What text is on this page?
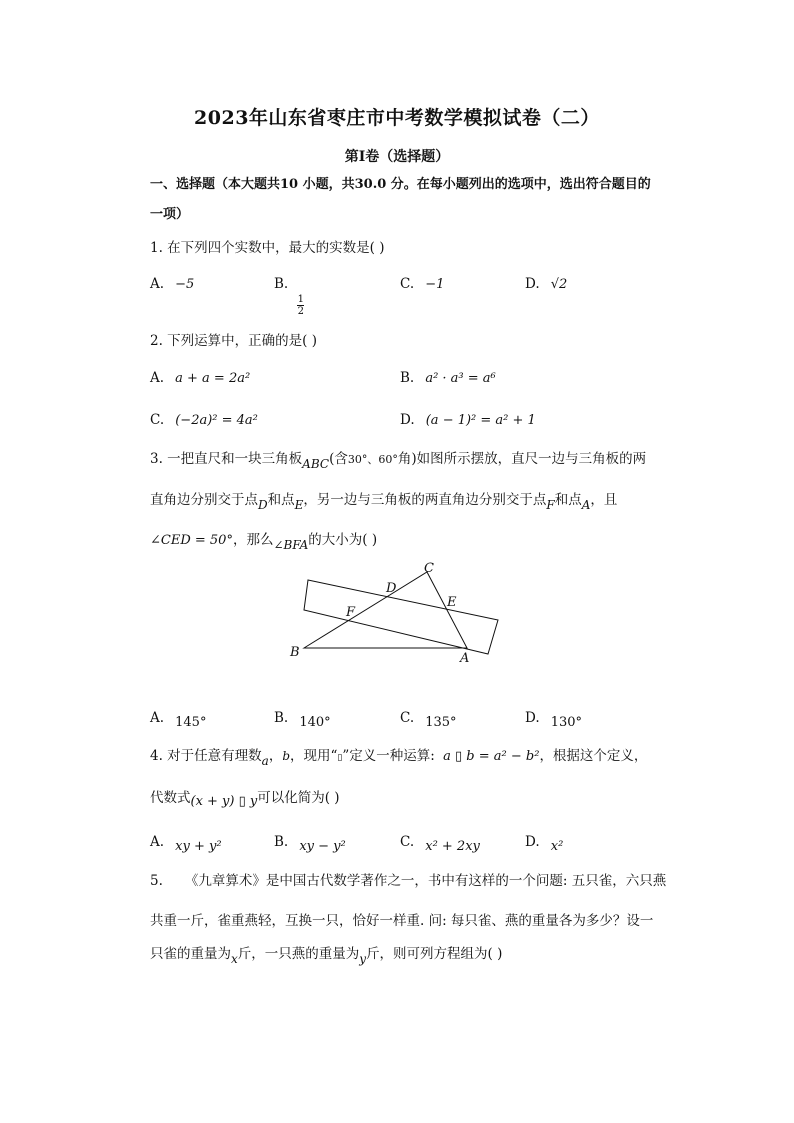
2023年山东省枣庄市中考数学模拟试卷（二）
第Ⅰ卷（选择题）
一、选择题（本大题共10 小题，共30.0 分。在每小题列出的选项中，选出符合题目的
一项）
1. 在下列四个实数中，最大的实数是( )
A. −5	B.
$\frac{1}{2}$
C. −1	D. √2
2. 下列运算中，正确的是( )
A. a + a = 2a²	B. a² · a³ = a⁶
C. (−2a)² = 4a²	D. (a − 1)² = a² + 1
3. 一把直尺和一块三角板ABC(含30°、60°角)如图所示摆放，直尺一边与三角板的两
直角边分别交于点D和点E，另一边与三角板的两直角边分别交于点F和点A，且
∠CED = 50°，那么∠BFA的大小为( )
C
D
E
F
B	A
A. $_{145^\circ}$	B. $_{140^\circ}$	C. $_{135^\circ}$	D. $_{130^\circ}$
4. 对于任意有理数a，b，现用“▯”定义一种运算: a ▯ b = a² − b²，根据这个定义，
代数式(x + y) ▯ y可以化简为( )
A. $_{xy + y^2}$	B. $_{xy - y^2}$	C. $_{x^2 + 2xy}$	D. $_{x^2}$
5. 《九章算术》是中国古代数学著作之一，书中有这样的一个问题: 五只雀，六只燕
共重一斤，雀重燕轻，互换一只，恰好一样重. 问: 每只雀、燕的重量各为多少？设一
只雀的重量为x斤，一只燕的重量为y斤，则可列方程组为( )
